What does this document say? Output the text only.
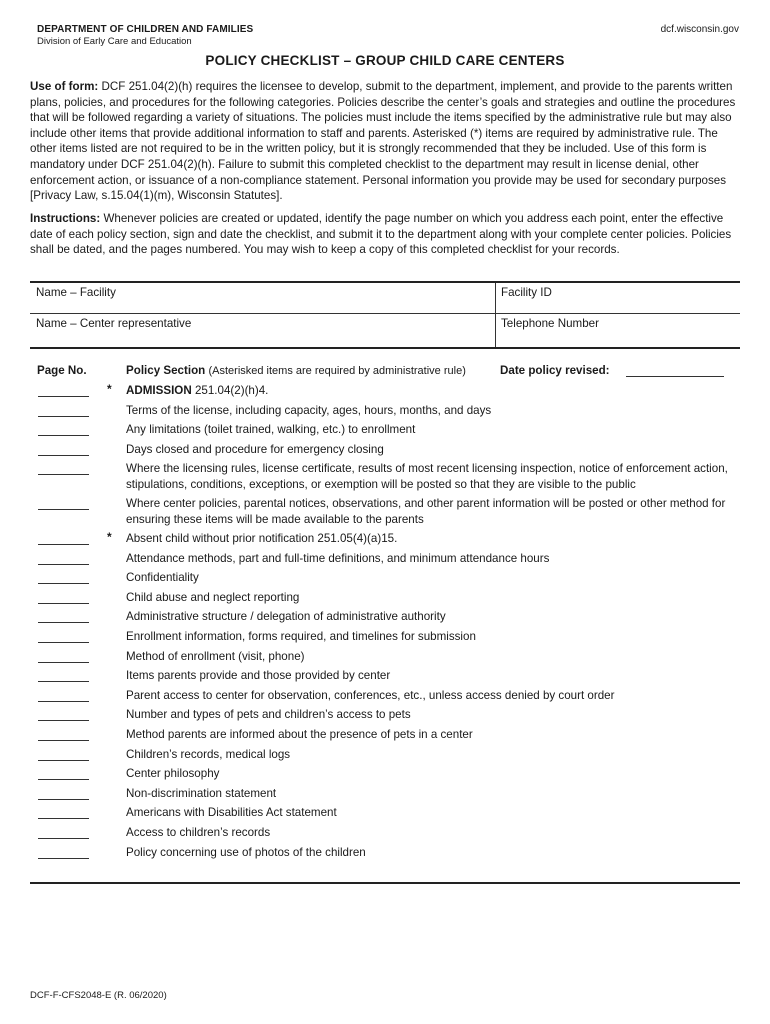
DEPARTMENT OF CHILDREN AND FAMILIES
Division of Early Care and Education
dcf.wisconsin.gov
POLICY CHECKLIST – GROUP CHILD CARE CENTERS
Use of form: DCF 251.04(2)(h) requires the licensee to develop, submit to the department, implement, and provide to the parents written plans, policies, and procedures for the following categories. Policies describe the center’s goals and strategies and outline the procedures that will be followed regarding a variety of situations. The policies must include the items specified by the administrative rule but may also include other items that provide additional information to staff and parents. Asterisked (*) items are required by administrative rule. The other items listed are not required to be in the written policy, but it is strongly recommended that they be included. Use of this form is mandatory under DCF 251.04(2)(h). Failure to submit this completed checklist to the department may result in license denial, other enforcement action, or issuance of a non-compliance statement. Personal information you provide may be used for secondary purposes [Privacy Law, s.15.04(1)(m), Wisconsin Statutes].
Instructions: Whenever policies are created or updated, identify the page number on which you address each point, enter the effective date of each policy section, sign and date the checklist, and submit it to the department along with your complete center policies. Policies shall be dated, and the pages numbered. You may wish to keep a copy of this completed checklist for your records.
Name – Facility	Facility ID
Name – Center representative	Telephone Number
Page No.	Policy Section (Asterisked items are required by administrative rule)	Date policy revised:
* ADMISSION 251.04(2)(h)4.
Terms of the license, including capacity, ages, hours, months, and days
Any limitations (toilet trained, walking, etc.) to enrollment
Days closed and procedure for emergency closing
Where the licensing rules, license certificate, results of most recent licensing inspection, notice of enforcement action, stipulations, conditions, exceptions, or exemption will be posted so that they are visible to the public
Where center policies, parental notices, observations, and other parent information will be posted or other method for ensuring these items will be made available to the parents
* Absent child without prior notification 251.05(4)(a)15.
Attendance methods, part and full-time definitions, and minimum attendance hours
Confidentiality
Child abuse and neglect reporting
Administrative structure / delegation of administrative authority
Enrollment information, forms required, and timelines for submission
Method of enrollment (visit, phone)
Items parents provide and those provided by center
Parent access to center for observation, conferences, etc., unless access denied by court order
Number and types of pets and children’s access to pets
Method parents are informed about the presence of pets in a center
Children’s records, medical logs
Center philosophy
Non-discrimination statement
Americans with Disabilities Act statement
Access to children’s records
Policy concerning use of photos of the children
DCF-F-CFS2048-E (R. 06/2020)
